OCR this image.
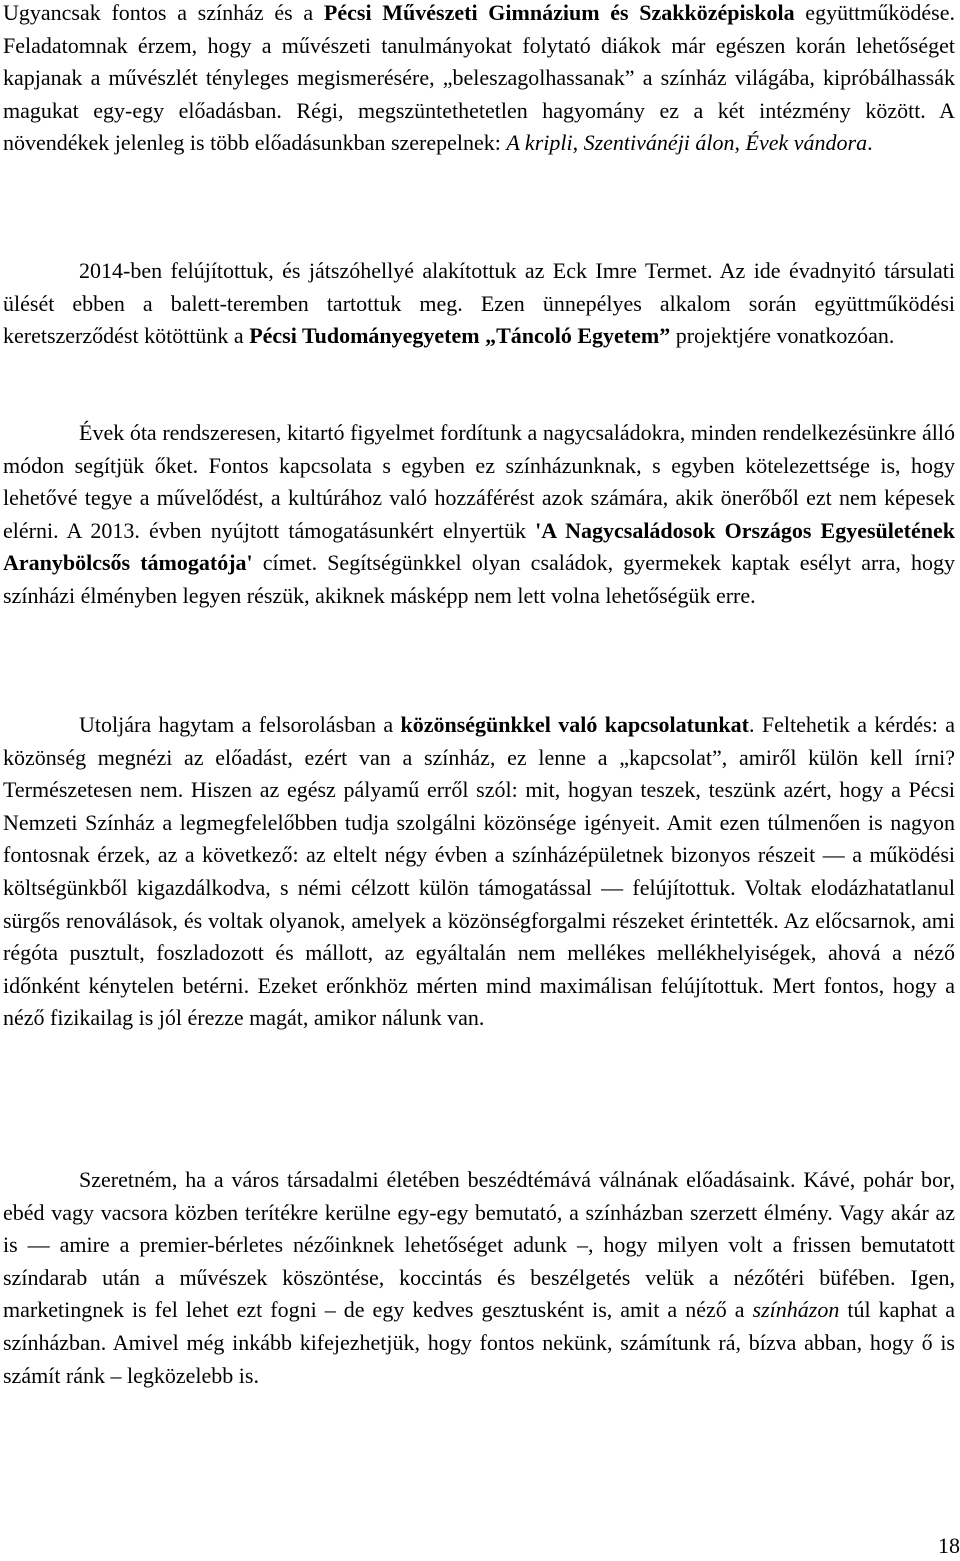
Ugyancsak fontos a színház és a Pécsi Művészeti Gimnázium és Szakközépiskola együttműködése. Feladatomnak érzem, hogy a művészeti tanulmányokat folytató diákok már egészen korán lehetőséget kapjanak a művészlét tényleges megismerésére, „beleszagolhassanak” a színház világába, kipróbálhassák magukat egy-egy előadásban. Régi, megszüntethetetlen hagyomány ez a két intézmény között. A növendékek jelenleg is több előadásunkban szerepelnek: A kripli, Szentivánéji álon, Évek vándora.

2014-ben felújítottuk, és játszóhellyé alakítottuk az Eck Imre Termet. Az ide évadnyitó társulati ülését ebben a balett-teremben tartottuk meg. Ezen ünnepélyes alkalom során együttműködési keretszerződést kötöttünk a Pécsi Tudományegyetem „Táncoló Egyetem” projektjére vonatkozóan.

Évek óta rendszeresen, kitartó figyelmet fordítunk a nagycsaládokra, minden rendelkezésünkre álló módon segítjük őket. Fontos kapcsolata s egyben ez színházunknak, s egyben kötelezettsége is, hogy lehetővé tegye a művelődést, a kultúrához való hozzáférést azok számára, akik önerőből ezt nem képesek elérni. A 2013. évben nyújtott támogatásunkért elnyertük 'A Nagycsaládosok Országos Egyesületének Aranybölcsős támogatója' címet. Segítségünkkel olyan családok, gyermekek kaptak esélyt arra, hogy színházi élményben legyen részük, akiknek másképp nem lett volna lehetőségük erre.

Utoljára hagytam a felsorolásban a közönségünkkel való kapcsolatunkat. Feltehetik a kérdés: a közönség megnézi az előadást, ezért van a színház, ez lenne a „kapcsolat”, amiről külön kell írni? Természetesen nem. Hiszen az egész pályamű erről szól: mit, hogyan teszek, teszünk azért, hogy a Pécsi Nemzeti Színház a legmegfelelőbben tudja szolgálni közönsége igényeit. Amit ezen túlmenően is nagyon fontosnak érzek, az a következő: az eltelt négy évben a színházépületnek bizonyos részeit — a működési költségünkből kigazdálkodva, s némi célzott külön támogatással — felújítottuk. Voltak elodázhatatlanul sürgős renoválások, és voltak olyanok, amelyek a közönségforgalmi részeket érintették. Az előcsarnok, ami régóta pusztult, foszladozott és mállott, az egyáltalán nem mellékes mellékhelyiségek, ahová a néző időnként kénytelen betérni. Ezeket erőnkhöz mérten mind maximálisan felújítottuk. Mert fontos, hogy a néző fizikailag is jól érezze magát, amikor nálunk van.

Szeretném, ha a város társadalmi életében beszédtémává válnának előadásaink. Kávé, pohár bor, ebéd vagy vacsora közben terítékre kerülne egy-egy bemutató, a színházban szerzett élmény. Vagy akár az is — amire a premier-bérletes nézőinknek lehetőséget adunk –, hogy milyen volt a frissen bemutatott színdarab után a művészek köszöntése, koccintás és beszélgetés velük a nézőtéri büfében. Igen, marketingnek is fel lehet ezt fogni – de egy kedves gesztusként is, amit a néző a színházon túl kaphat a színházban. Amivel még inkább kifejezhetjük, hogy fontos nekünk, számítunk rá, bízva abban, hogy ő is számít ránk – legközelebb is.

18
